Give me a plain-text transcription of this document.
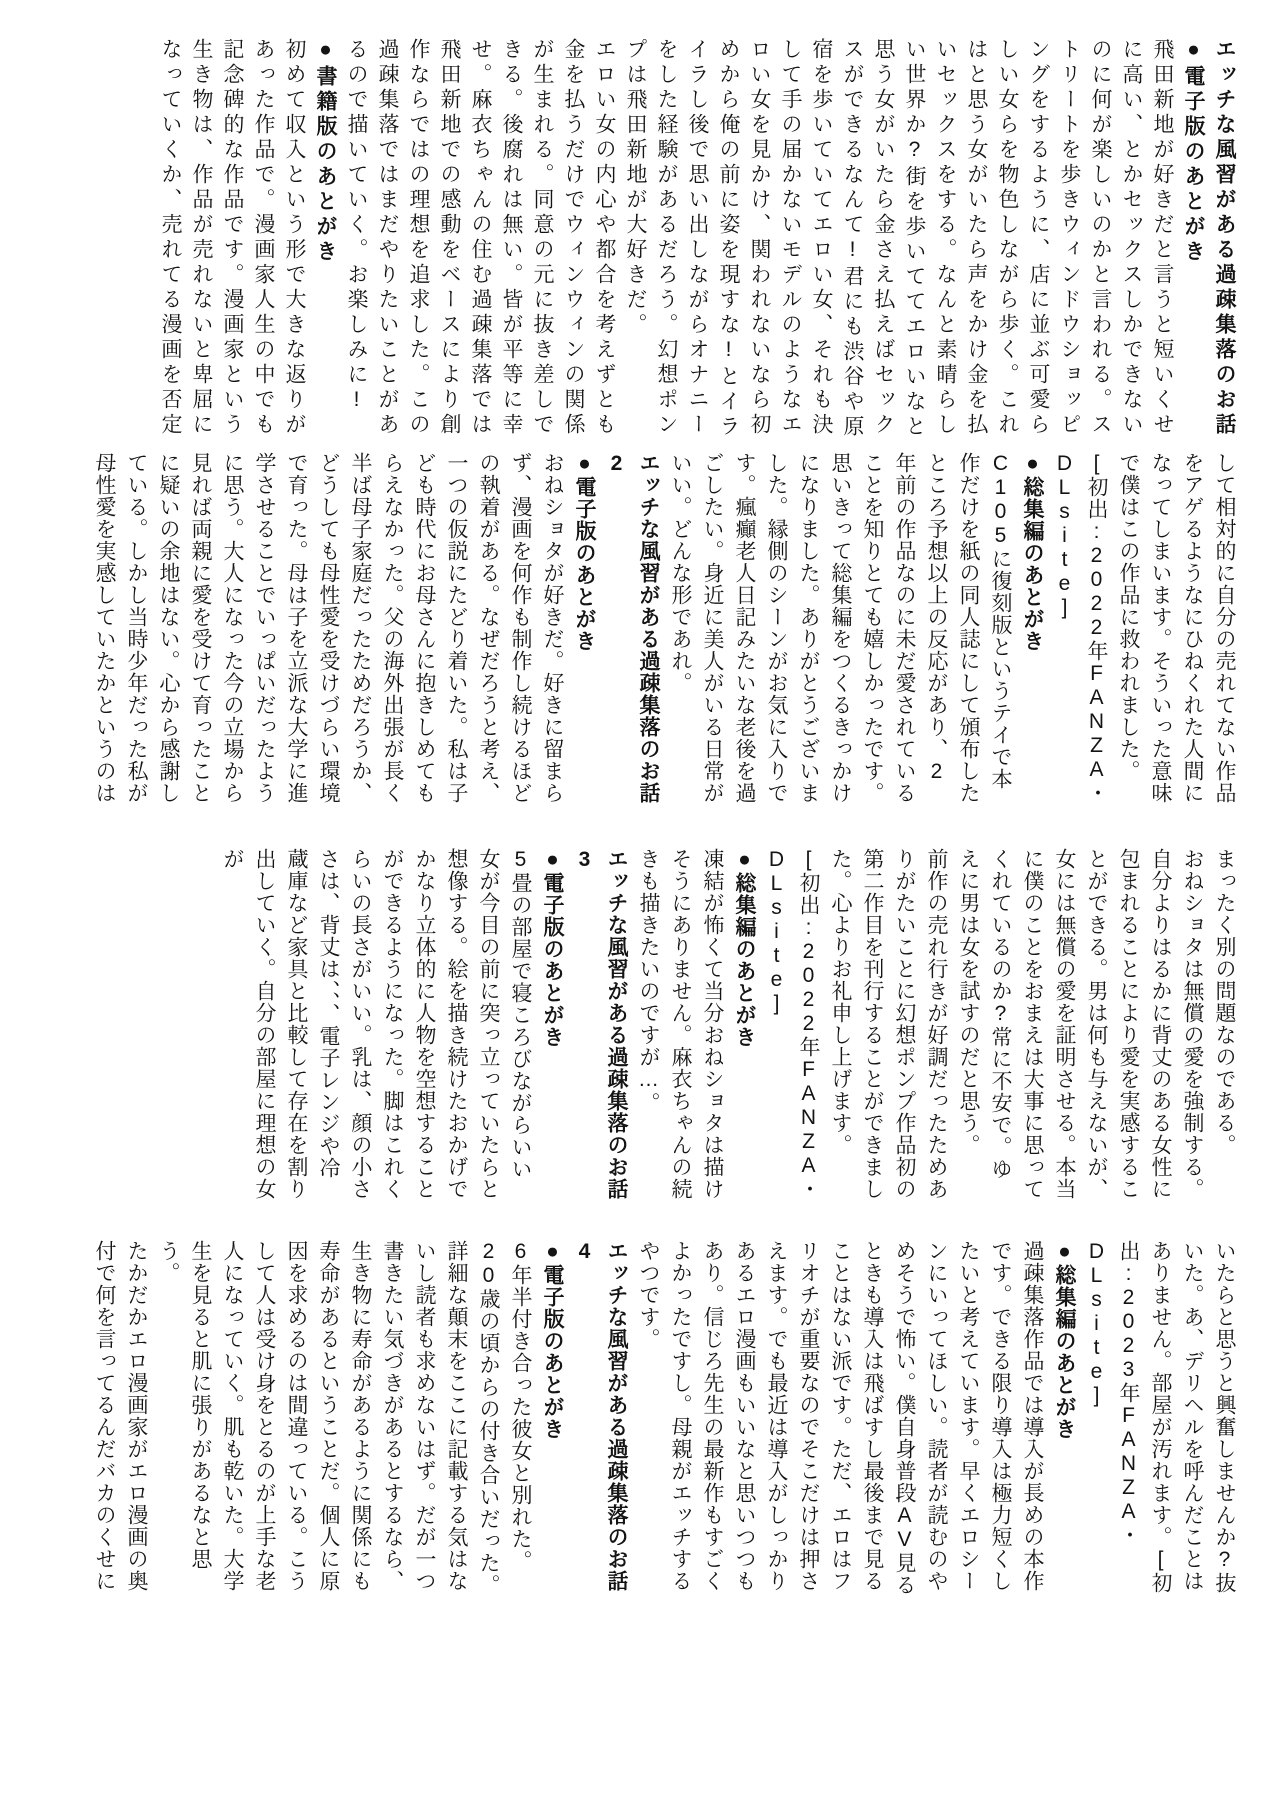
エッチな風習がある過疎集落のお話

●電子版のあとがき

飛田新地が好きだと言うと短いくせに高い、とかセックスしかできないのに何が楽しいのかと言われる。ストリートを歩きウィンドウショッピングをするように、店に並ぶ可愛らしい女らを物色しながら歩く。これはと思う女がいたら声をかけ金を払いセックスをする。なんと素晴らしい世界か?街を歩いててエロいなと思う女がいたら金さえ払えばセックスができるなんて!君にも渋谷や原宿を歩いていてエロい女、それも決して手の届かないモデルのようなエロい女を見かけ、関われないなら初めから俺の前に姿を現すな!とイライラし後で思い出しながらオナニーをした経験があるだろう。幻想ポンプは飛田新地が大好きだ。

エロい女の内心や都合を考えずとも金を払うだけでウィンウィンの関係が生まれる。同意の元に抜き差しできる。後腐れは無い。皆が平等に幸せ。麻衣ちゃんの住む過疎集落では飛田新地での感動をベースにより創作ならではの理想を追求した。この過疎集落ではまだやりたいことがあるので描いていく。お楽しみに!

●書籍版のあとがき

初めて収入という形で大きな返りがあった作品で。漫画家人生の中でも記念碑的な作品です。漫画家という生き物は、作品が売れないと卑屈になっていくか、売れてる漫画を否定

して相対的に自分の売れてない作品をアゲるようなにひねくれた人間になってしまいます。そういった意味で僕はこの作品に救われました。[初出:2022年FANZA・DLsite]

●総集編のあとがき

C105に復刻版というテイで本作だけを紙の同人誌にして頒布したところ予想以上の反応があり、2年前の作品なのに未だ愛されていることを知りとても嬉しかったです。思いきって総集編をつくるきっかけになりました。ありがとうございました。縁側のシーンがお気に入りです。瘋癲老人日記みたいな老後を過ごしたい。身近に美人がいる日常がいい。どんな形であれ。

エッチな風習がある過疎集落のお話

2

●電子版のあとがき

おねショタが好きだ。好きに留まらず、漫画を何作も制作し続けるほどの執着がある。なぜだろうと考え、一つの仮説にたどり着いた。私は子ども時代にお母さんに抱きしめてもらえなかった。父の海外出張が長く半ば母子家庭だったためだろうか、どうしても母性愛を受けづらい環境で育った。母は子を立派な大学に進学させることでいっぱいだったように思う。大人になった今の立場から見れば両親に愛を受けて育ったことに疑いの余地はない。心から感謝している。しかし当時少年だった私が母性愛を実感していたかというのは

まったく別の問題なのである。

おねショタは無償の愛を強制する。自分よりはるかに背丈のある女性に包まれることにより愛を実感することができる。男は何も与えないが、女には無償の愛を証明させる。本当に僕のことをおまえは大事に思ってくれているのか?常に不安で。ゆえに男は女を試すのだと思う。

前作の売れ行きが好調だったためありがたいことに幻想ポンプ作品初の第二作目を刊行することができました。心よりお礼申し上げます。[初出:2022年FANZA・DLsite]

●総集編のあとがき

凍結が怖くて当分おねショタは描けそうにありません。麻衣ちゃんの続きも描きたいのですが…。

エッチな風習がある過疎集落のお話

3

●電子版のあとがき

5畳の部屋で寝ころびながらいい女が今目の前に突っ立っていたらと想像する。絵を描き続けたおかげでかなり立体的に人物を空想することができるようになった。脚はこれくらいの長さがいい。乳は、顔の小ささは、背丈は、、、電子レンジや冷蔵庫など家具と比較して存在を割り出していく。自分の部屋に理想の女が

いたらと思うと興奮しませんか?抜いた。あ、デリヘルを呼んだことはありません。部屋が汚れます。[初出:2023年FANZA・DLsite]

●総集編のあとがき

過疎集落作品では導入が長めの本作です。できる限り導入は極力短くしたいと考えています。早くエロシーンにいってほしい。読者が読むのやめそうで怖い。僕自身普段AV見るときも導入は飛ばすし最後まで見ることはない派です。ただ、エロはフリオチが重要なのでそこだけは押さえます。でも最近は導入がしっかりあるエロ漫画もいいなと思いつつもあり。信じろ先生の最新作もすごくよかったですし。母親がエッチするやつです。

エッチな風習がある過疎集落のお話

4

●電子版のあとがき

6年半付き合った彼女と別れた。20歳の頃からの付き合いだった。詳細な顛末をここに記載する気はないし読者も求めないはず。だが一つ書きたい気づきがあるとするなら、生き物に寿命があるように関係にも寿命があるということだ。個人に原因を求めるのは間違っている。こうして人は受け身をとるのが上手な老人になっていく。肌も乾いた。大学生を見ると肌に張りがあるなと思う。

たかだかエロ漫画家がエロ漫画の奥付で何を言ってるんだバカのくせに
